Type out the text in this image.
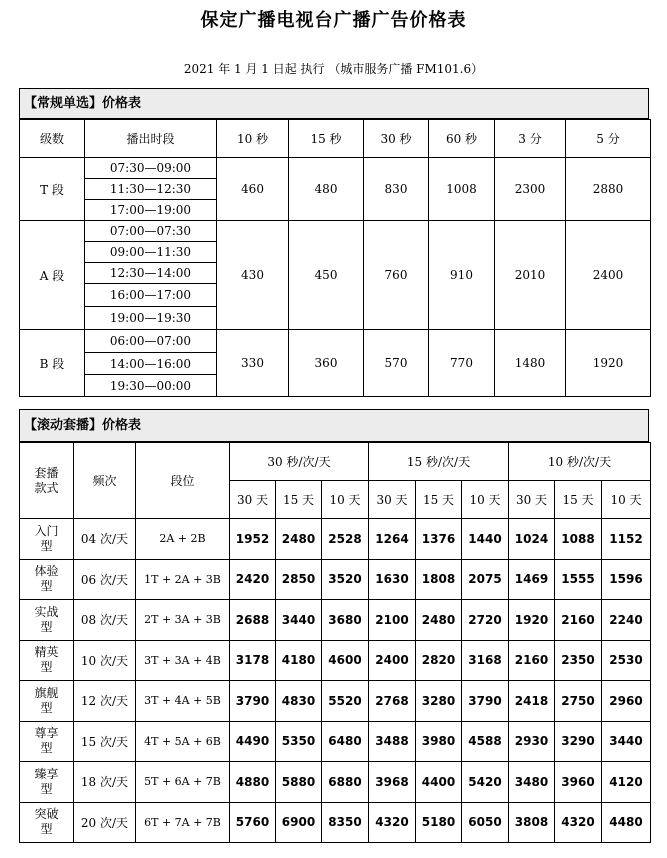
保定广播电视台广播广告价格表
2021 年 1 月 1 日起 执行 （城市服务广播 FM101.6）
【常规单选】价格表
级数	播出时段	10 秒	15 秒	30 秒	60 秒	3 分	5 分
T 段	07:30—09:00	460	480	830	1008	2300	2880
	11:30—12:30						
	17:00—19:00						
A 段	07:00—07:30	430	450	760	910	2010	2400
	09:00—11:30						
	12:30—14:00						
	16:00—17:00						
	19:00—19:30						
B 段	06:00—07:00	330	360	570	770	1480	1920
	14:00—16:00						
	19:30—00:00						
【滚动套播】价格表
套播款式	频次	段位	30 秒/次/天			15 秒/次/天			10 秒/次/天		
			30 天	15 天	10 天	30 天	15 天	10 天	30 天	15 天	10 天
入门型	04 次/天	2A + 2B	1952	2480	2528	1264	1376	1440	1024	1088	1152
体验型	06 次/天	1T + 2A + 3B	2420	2850	3520	1630	1808	2075	1469	1555	1596
实战型	08 次/天	2T + 3A + 3B	2688	3440	3680	2100	2480	2720	1920	2160	2240
精英型	10 次/天	3T + 3A + 4B	3178	4180	4600	2400	2820	3168	2160	2350	2530
旗舰型	12 次/天	3T + 4A + 5B	3790	4830	5520	2768	3280	3790	2418	2750	2960
尊享型	15 次/天	4T + 5A + 6B	4490	5350	6480	3488	3980	4588	2930	3290	3440
臻享型	18 次/天	5T + 6A + 7B	4880	5880	6880	3968	4400	5420	3480	3960	4120
突破型	20 次/天	6T + 7A + 7B	5760	6900	8350	4320	5180	6050	3808	4320	4480
